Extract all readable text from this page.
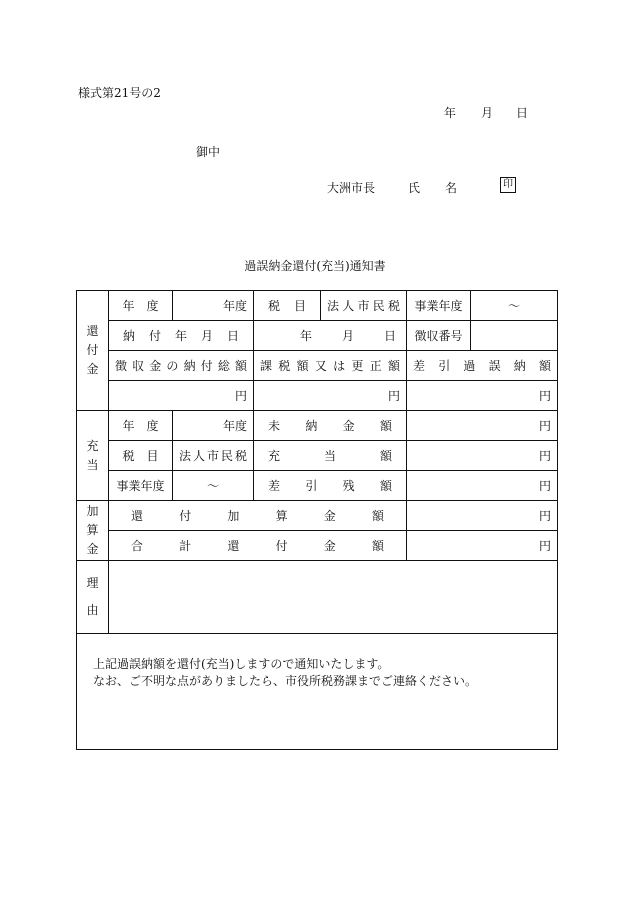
様式第21号の2
年 月 日
御中
大洲市長	氏 名	印
過誤納金還付(充当)通知書
還
付
金	年　度	年度	税　目	法人市民税	事業年度	〜
	納付年月日		年 月 日		徴収番号	
	徴収金の納付総額		課税額又は更正額		差引過誤納額	
	円		円		円	

充
当	年　度	年度	未納金額		円	
	税　目	法人市民税	充当額		円	
	事業年度	〜	差引残額		円	

加
算
金	還付加算金額				円	
	合計還付金額				円	

理
由						

上記過誤納額を還付(充当)しますので通知いたします。
なお、ご不明な点がありましたら、市役所税務課までご連絡ください。						
